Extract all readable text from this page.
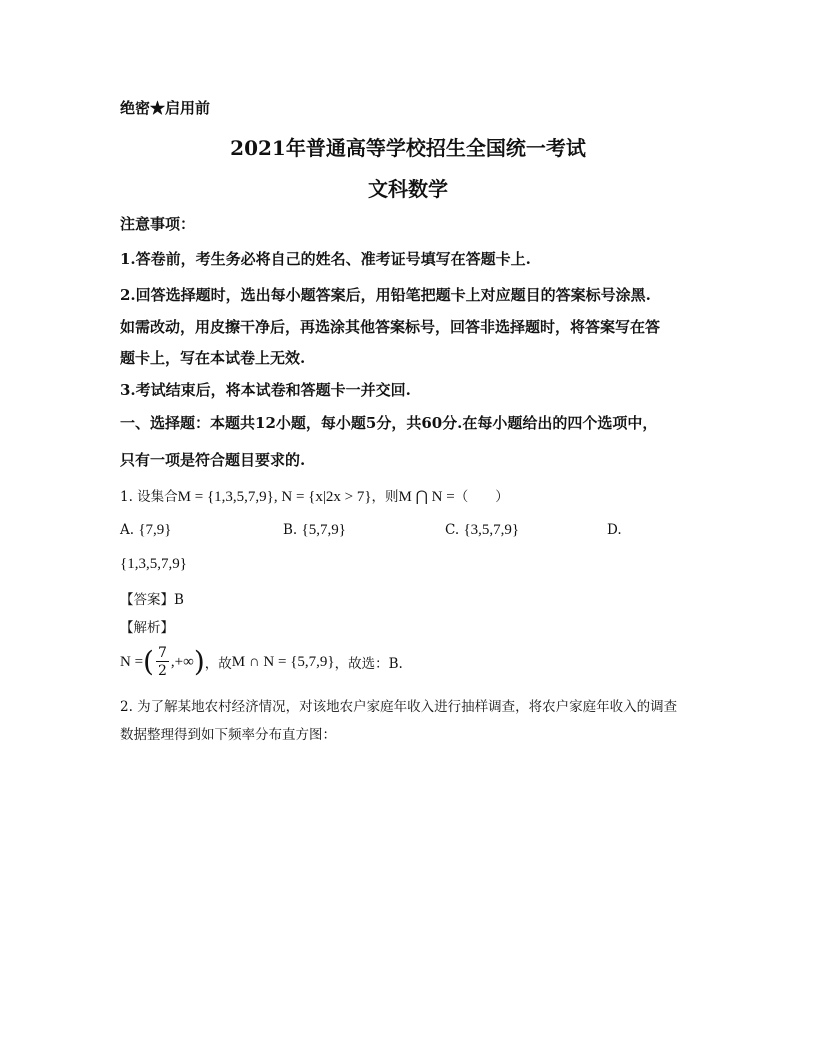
绝密★启用前
2021年普通高等学校招生全国统一考试
文科数学
注意事项：
1.答卷前，考生务必将自己的姓名、准考证号填写在答题卡上.
2.回答选择题时，选出每小题答案后，用铅笔把题卡上对应题目的答案标号涂黑.
如需改动，用皮擦干净后，再选涂其他答案标号，回答非选择题时，将答案写在答
题卡上，写在本试卷上无效.
3.考试结束后，将本试卷和答题卡一并交回.
一、选择题：本题共12小题，每小题5分，共60分.在每小题给出的四个选项中，
只有一项是符合题目要求的.
1. 设集合M = {1,3,5,7,9}, N = {x|2x > 7}，则M ⋂ N =（　　）
A. {7,9}	B. {5,7,9}	C. {3,5,7,9}	D.
{1,3,5,7,9}
【答案】B
【解析】
N = ( $\frac{7}{2}$ ,+∞ ) ，故 M ∩ N = {5,7,9} ，故选：B.
2. 为了解某地农村经济情况，对该地农户家庭年收入进行抽样调查，将农户家庭年收入的调查
数据整理得到如下频率分布直方图：
